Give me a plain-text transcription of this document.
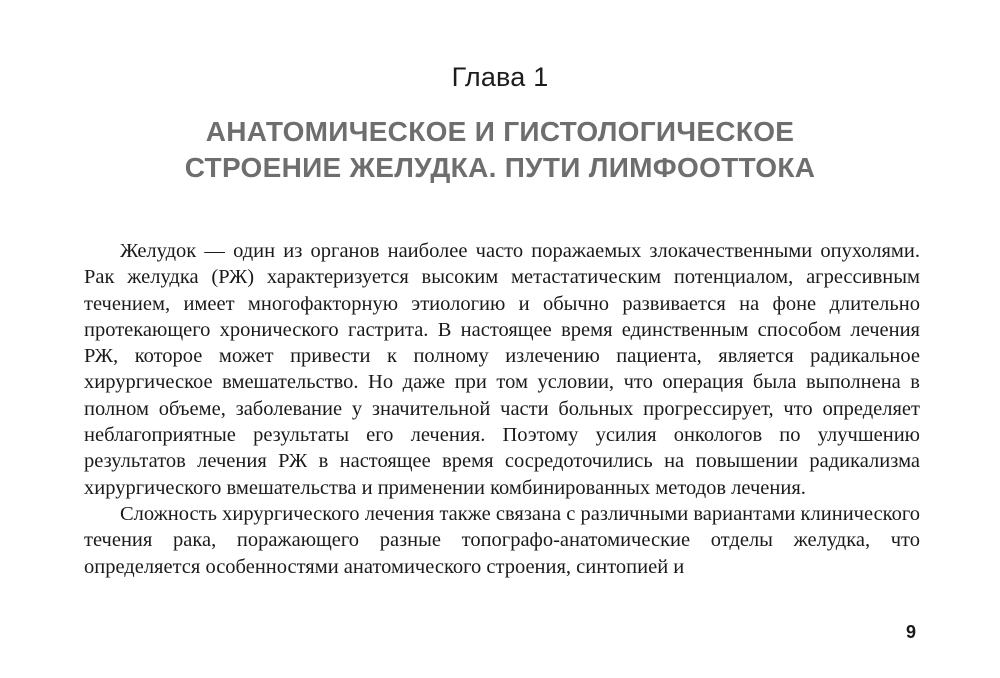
Глава 1
АНАТОМИЧЕСКОЕ И ГИСТОЛОГИЧЕСКОЕ
СТРОЕНИЕ ЖЕЛУДКА. ПУТИ ЛИМФООТТОКА

Желудок — один из органов наиболее часто поражаемых злокачественными опухолями. Рак желудка (РЖ) характеризуется высоким метастатическим потенциалом, агрессивным течением, имеет многофакторную этиологию и обычно развивается на фоне длительно протекающего хронического гастрита. В настоящее время единственным способом лечения РЖ, которое может привести к полному излечению пациента, является радикальное хирургическое вмешательство. Но даже при том условии, что операция была выполнена в полном объеме, заболевание у значительной части больных прогрессирует, что определяет неблагоприятные результаты его лечения. Поэтому усилия онкологов по улучшению результатов лечения РЖ в настоящее время сосредоточились на повышении радикализма хирургического вмешательства и применении комбинированных методов лечения.

Сложность хирургического лечения также связана с различными вариантами клинического течения рака, поражающего разные топографо-анатомические отделы желудка, что определяется особенностями анатомического строения, синтопией и

9
